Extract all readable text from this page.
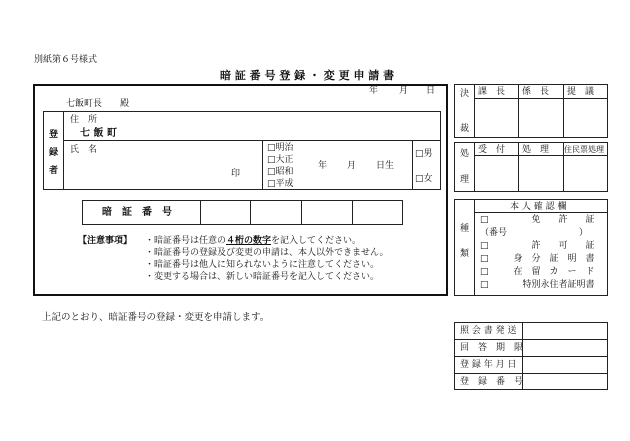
別紙第６号様式
暗 証 番 号 登 録 ・ 変 更 申 請 書
年 月 日
七飯町長　　殿
登
録
者
住　所
七 飯 町
氏　名
印
□ 明治
□ 大正
□ 昭和
□ 平成
年 月 日生
□ 男
□ 女
暗　証　番　号
【注意事項】 ・暗証番号は任意の４桁の数字を記入してください。
・暗証番号の登録及び変更の申請は、本人以外できません。
・暗証番号は他人に知られないように注意してください。
・変更する場合は、新しい暗証番号を記入してください。
決
裁
課　長 係　長 提　議
処
理
受　付 処　理 住民票処理
種
類
本 人 確 認 欄
□ 免　　許　　証
（番号	）
□ 許　　可　　証
□ 身　分　証　明　書
□ 在　留　カ　ー　ド
□ 特別永住者証明書
上記のとおり、暗証番号の登録・変更を申請します。
照 会 書 発 送
回　答　期　限
登 録 年 月 日
登　録　番　号
